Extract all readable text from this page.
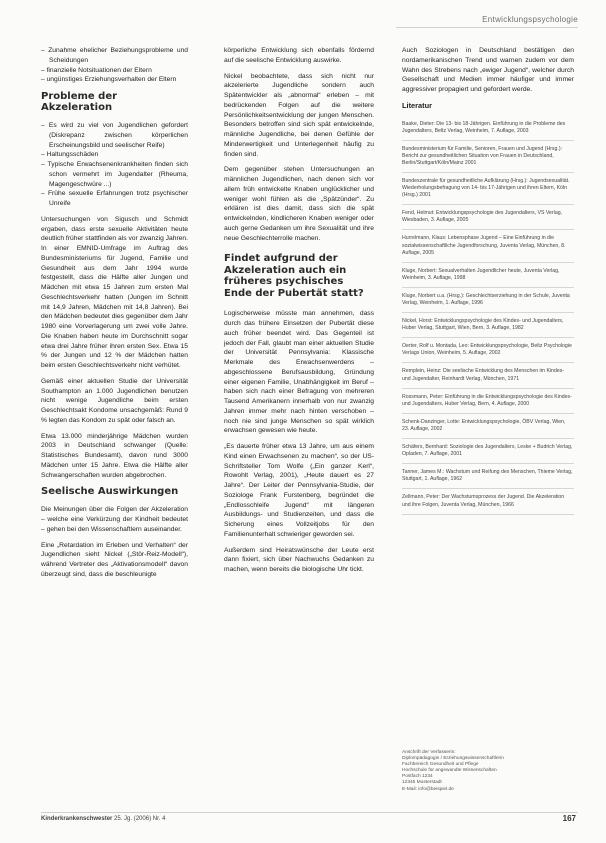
Entwicklungspsychologie
– Zunahme ehelicher Beziehungsprobleme und Scheidungen
– finanzielle Notsituationen der Eltern
– ungünstiges Erziehungsverhalten der Eltern
Probleme der Akzeleration
– Es wird zu viel von Jugendlichen gefordert (Diskrepanz zwischen körperlichen Erscheinungsbild und seelischer Reife)
– Haltungsschäden
– Typische Erwachsenenkrankheiten finden sich schon vermehrt im Jugendalter (Rheuma, Magengeschwüre ...)
– Frühe sexuelle Erfahrungen trotz psychischer Unreife

Untersuchungen von Sigusch und Schmidt ergaben, dass erste sexuelle Aktivitäten heute deutlich früher stattfinden als vor zwanzig Jahren. In einer EMNID-Umfrage im Auftrag des Bundesministeriums für Jugend, Familie und Gesundheit aus dem Jahr 1994 wurde festgestellt, dass die Hälfte aller Jungen und Mädchen mit etwa 15 Jahren zum ersten Mal Geschlechtsverkehr hatten (Jungen im Schnitt mit 14,9 Jahren, Mädchen mit 14,8 Jahren). Bei den Mädchen bedeutet dies gegenüber dem Jahr 1980 eine Vorverlagerung um zwei volle Jahre. Die Knaben haben heute im Durchschnitt sogar etwa drei Jahre früher ihren ersten Sex. Etwa 15 % der Jungen und 12 % der Mädchen hatten beim ersten Geschlechtsverkehr nicht verhütet.

Gemäß einer aktuellen Studie der Universität Southampton an 1.000 Jugendlichen benutzen nicht wenige Jugendliche beim ersten Geschlechtsakt Kondome unsachgemäß: Rund 9 % legten das Kondom zu spät oder falsch an.

Etwa 13.000 minderjährige Mädchen wurden 2003 in Deutschland schwanger (Quelle: Statistisches Bundesamt), davon rund 3000 Mädchen unter 15 Jahre. Etwa die Hälfte aller Schwangerschaften wurden abgebrochen.

Seelische Auswirkungen

Die Meinungen über die Folgen der Akzeleration – welche eine Verkürzung der Kindheit bedeutet – gehen bei den Wissenschaftlern auseinander.

Eine „Retardation im Erleben und Verhalten“ der Jugendlichen sieht Nickel („Stör-Reiz-Modell“), während Vertreter des „Aktivationsmodell“ davon überzeugt sind, dass die beschleunigte

körperliche Entwicklung sich ebenfalls fördernd auf die seelische Entwicklung auswirke.

Nickel beobachtete, dass sich nicht nur akzelerierte Jugendliche sondern auch Spätentwickler als „abnormal“ erleben – mit bedrückenden Folgen auf die weitere Persönlichkeitsentwicklung der jungen Menschen. Besonders betroffen sind sich spät entwickelnde, männliche Jugendliche, bei denen Gefühle der Minderwertigkeit und Unterlegenheit häufig zu finden sind.

Dem gegenüber stehen Untersuchungen an männlichen Jugendlichen, nach denen sich vor allem früh entwickelte Knaben unglücklicher und weniger wohl fühlen als die „Spätzünder“. Zu erklären ist dies damit, dass sich die spät entwickelnden, kindlicheren Knaben weniger oder auch gerne Gedanken um ihre Sexualität und ihre neue Geschlechterrolle machen.

Findet aufgrund der Akzeleration auch ein früheres psychisches Ende der Pubertät statt?

Logischerweise müsste man annehmen, dass durch das frühere Einsetzen der Pubertät diese auch früher beendet wird. Das Gegenteil ist jedoch der Fall, glaubt man einer aktuellen Studie der Universität Pennsylvania: Klassische Merkmale des Erwachsenwerdens – abgeschlossene Berufsausbildung, Gründung einer eigenen Familie, Unabhängigkeit im Beruf – haben sich nach einer Befragung von mehreren Tausend Amerikanern innerhalb von nur zwanzig Jahren immer mehr nach hinten verschoben – noch nie sind junge Menschen so spät wirklich erwachsen gewesen wie heute.

„Es dauerte früher etwa 13 Jahre, um aus einem Kind einen Erwachsenen zu machen“, so der US-Schriftsteller Tom Wolfe („Ein ganzer Kerl“, Rowohlt Verlag, 2001), „Heute dauert es 27 Jahre“. Der Leiter der Pennsylvania-Studie, der Soziologe Frank Furstenberg, begründet die „Endlosschleife Jugend“ mit längeren Ausbildungs- und Studienzeiten, und dass die Sicherung eines Vollzeitjobs für den Familienunterhalt schwieriger geworden sei.

Außerdem sind Heiratswünsche der Leute erst dann fixiert, sich über Nachwuchs Gedanken zu machen, wenn bereits die biologische Uhr tickt.

Auch Soziologen in Deutschland bestätigen den nordamerikanischen Trend und warnen zudem vor dem Wahn des Strebens nach „ewiger Jugend“, welcher durch Gesellschaft und Medien immer häufiger und immer aggressiver propagiert und gefordert werde.

Literatur
Baake, Dieter: Die 13- bis 18-Jährigen. Einführung in die Probleme des Jugendalters, Beltz Verlag, Weinheim, 7. Auflage, 2003
Bundesministerium für Familie, Senioren, Frauen und Jugend (Hrsg.): Bericht zur gesundheitlichen Situation von Frauen in Deutschland, Berlin/Stuttgart/Köln/Mainz 2001
Bundeszentrale für gesundheitliche Aufklärung (Hrsg.): Jugendsexualität. Wiederholungsbefragung von 14- bis 17-Jährigen und ihren Eltern, Köln (Hrsg.) 2001
Fend, Helmut: Entwicklungspsychologie des Jugendalters, VS Verlag, Wiesbaden, 3. Auflage, 2005
Hurrelmann, Klaus: Lebensphase Jugend – Eine Einführung in die sozialwissenschaftliche Jugendforschung, Juventa Verlag, München, 8. Auflage, 2005
Kluge, Norbert: Sexualverhalten Jugendlicher heute, Juventa Verlag, Weinheim, 3. Auflage, 1998
Kluge, Norbert u.a. (Hrsg.): Geschlechtserziehung in der Schule, Juventa Verlag, Weinheim, 1. Auflage, 1996
Nickel, Horst: Entwicklungspsychologie des Kindes- und Jugendalters, Huber Verlag, Stuttgart, Wien, Bern, 3. Auflage, 1982
Oerter, Rolf u. Montada, Leo: Entwicklungspsychologie, Beltz Psychologie Verlags Union, Weinheim, 5. Auflage, 2002
Remplein, Heinz: Die seelische Entwicklung des Menschen im Kindes- und Jugendalter, Reinhardt Verlag, München, 1971
Rossmann, Peter: Einführung in die Entwicklungspsychologie des Kindes- und Jugendalters, Huber Verlag, Bern, 4. Auflage, 2000
Schenk-Danzinger, Lotte: Entwicklungspsychologie, ÖBV Verlag, Wien, 23. Auflage, 2002
Schäfers, Bernhard: Soziologie des Jugendalters, Leske + Budrich Verlag, Opladen, 7. Auflage, 2001
Tanner, James M.: Wachstum und Reifung des Menschen, Thieme Verlag, Stuttgart, 1. Auflage, 1962
Zellmann, Peter: Der Wachstumsprozess der Jugend. Die Akzeleration und ihre Folgen, Juventa Verlag, München, 1966
Anschrift der Verfasserin:
Diplompädagogin / Erziehungswissenschaftlerin
Fachbereich Gesundheit und Pflege
Hochschule für angewandte Wissenschaften
Postfach 1234
12345 Musterstadt
E-Mail: info@beispiel.de
Kinderkrankenschwester 25. Jg. (2006) Nr. 4	167
